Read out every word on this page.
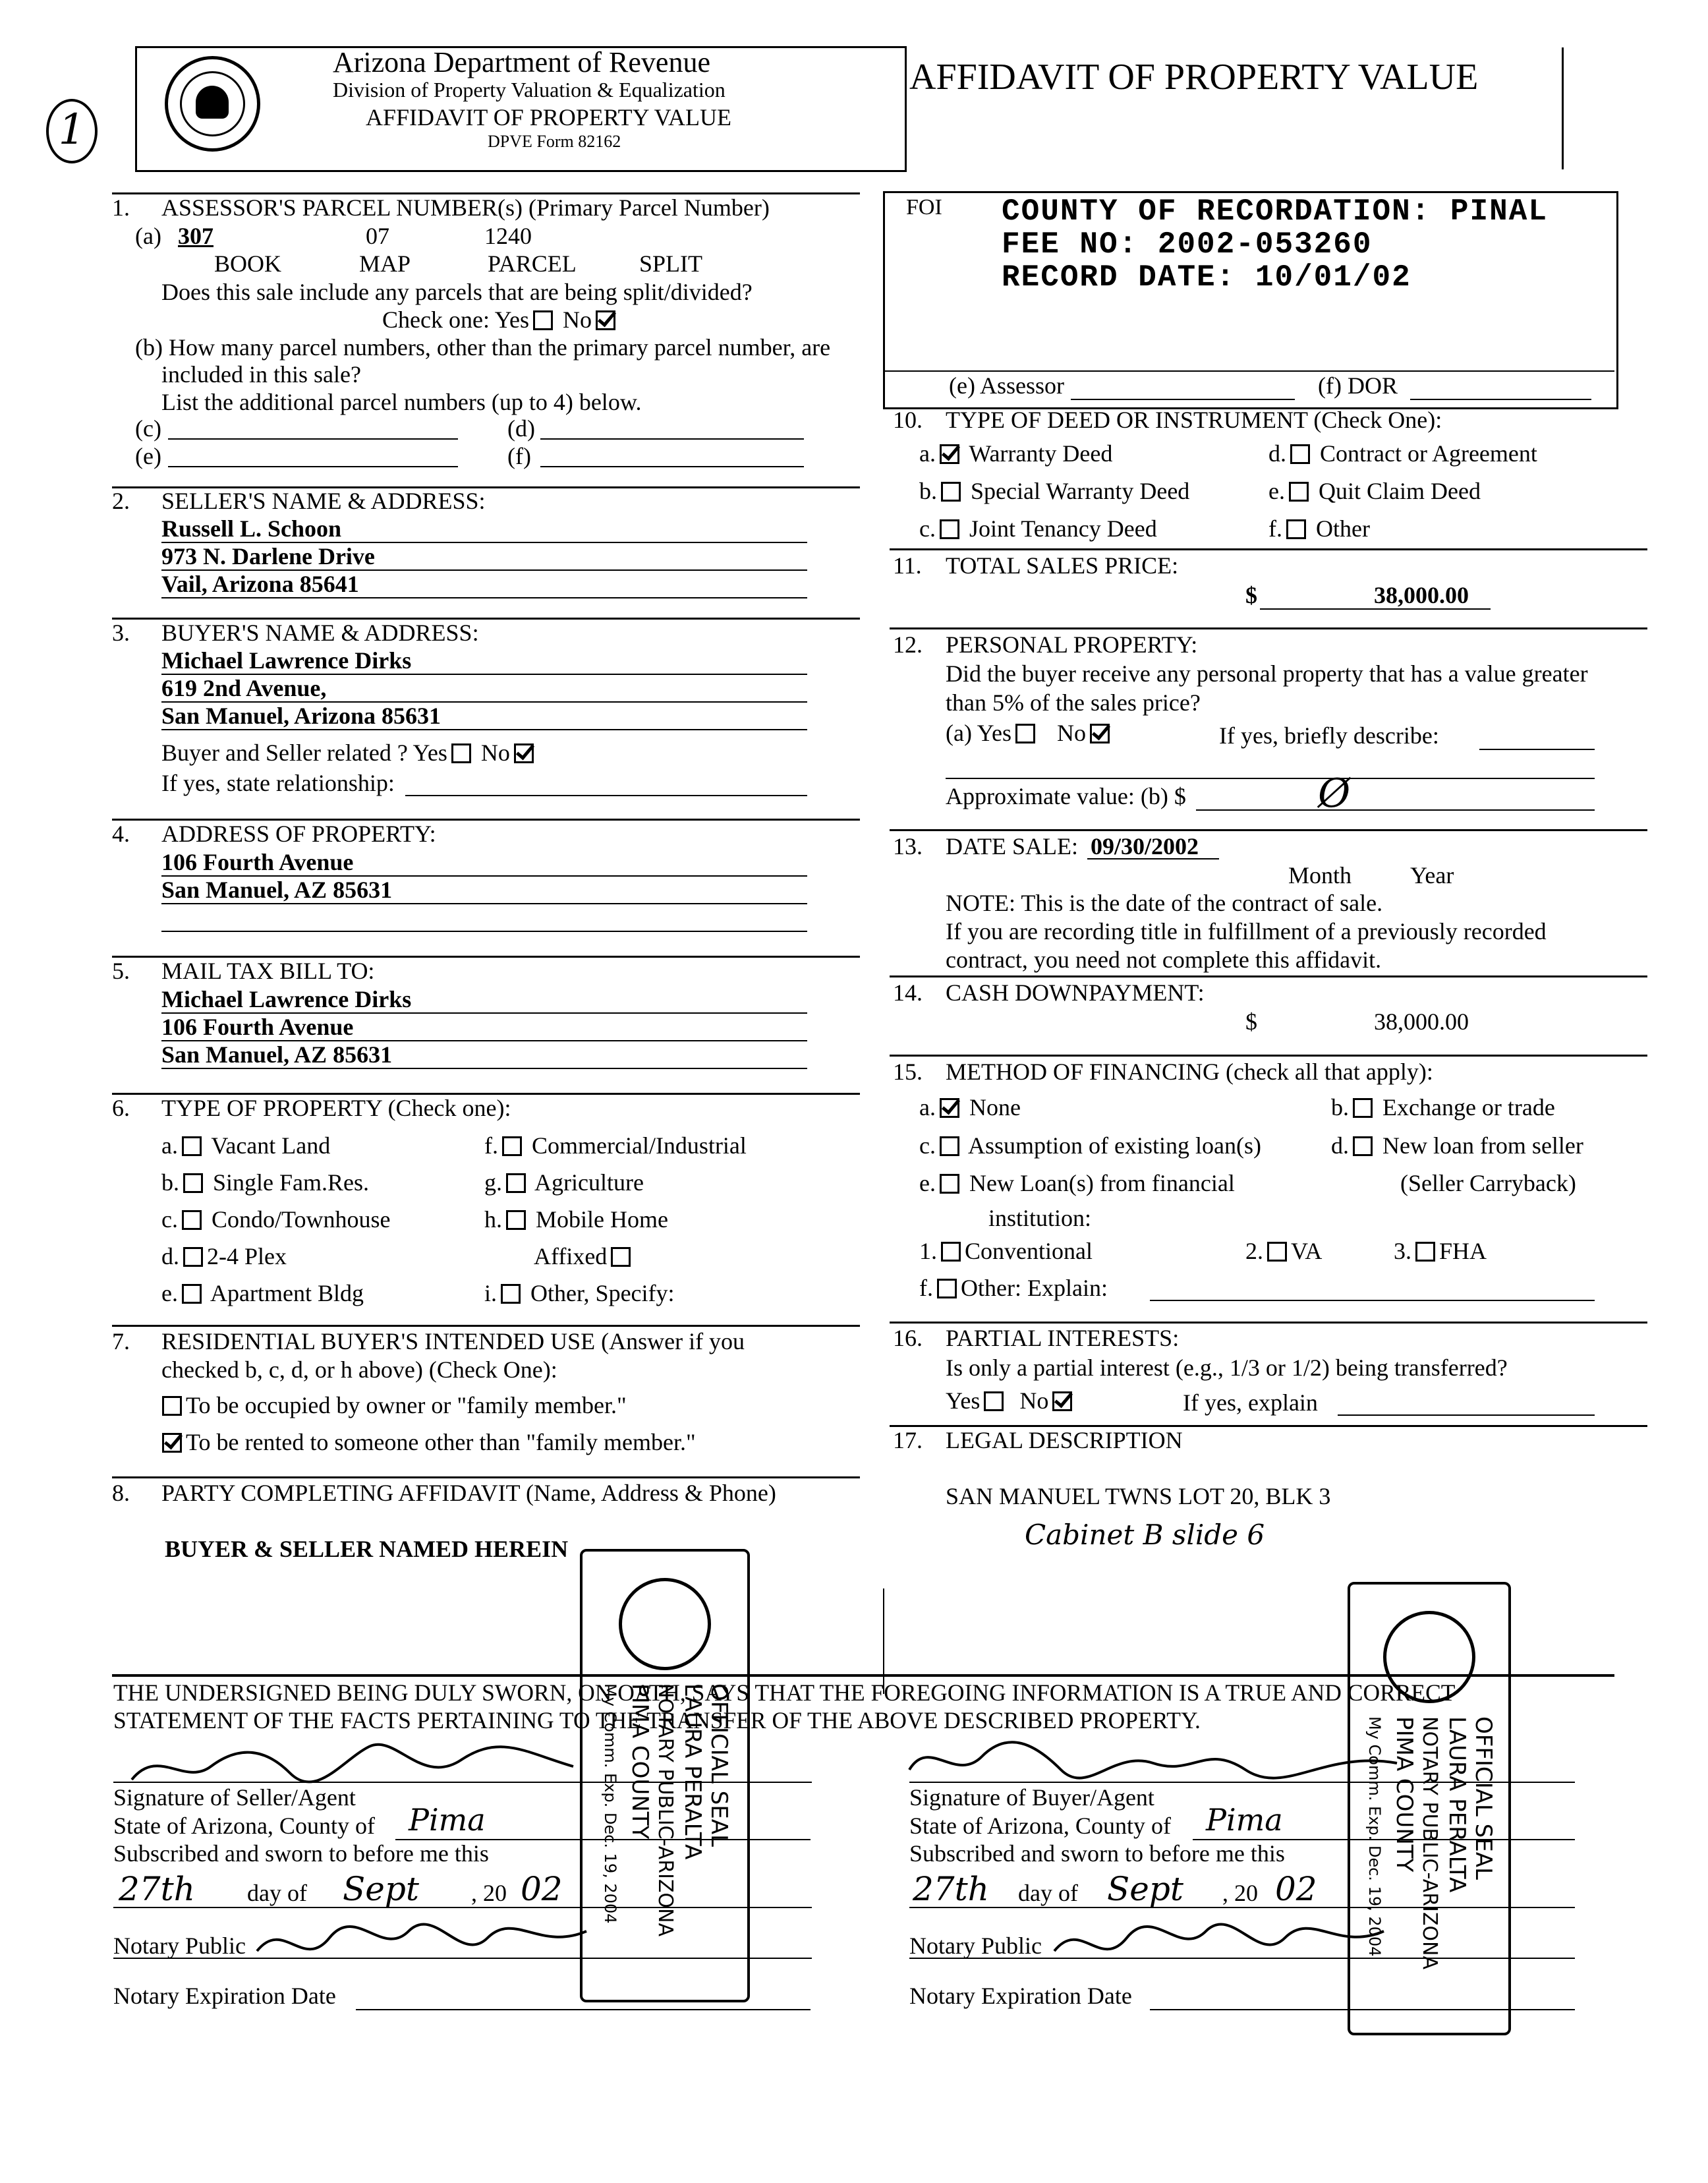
1
Arizona Department of Revenue
Division of Property Valuation & Equalization
AFFIDAVIT OF PROPERTY VALUE
DPVE Form 82162
AFFIDAVIT OF PROPERTY VALUE
FOI COUNTY OF RECORDATION: PINAL
FEE NO: 2002-053260
RECORD DATE: 10/01/02
(e) Assessor	(f) DOR
1. ASSESSOR'S PARCEL NUMBER(s) (Primary Parcel Number)
(a) 307	07	1240
BOOK	MAP	PARCEL	SPLIT
Does this sale include any parcels that are being split/divided?
Check one: Yes No
(b) How many parcel numbers, other than the primary parcel number, are
included in this sale?
List the additional parcel numbers (up to 4) below.
(c)	(d)
(e)	(f)
2. SELLER'S NAME & ADDRESS:
Russell L. Schoon
973 N. Darlene Drive
Vail, Arizona 85641
3. BUYER'S NAME & ADDRESS:
Michael Lawrence Dirks
619 2nd Avenue,
San Manuel, Arizona 85631
Buyer and Seller related ? Yes No
If yes, state relationship:
4. ADDRESS OF PROPERTY:
106 Fourth Avenue
San Manuel, AZ 85631
5. MAIL TAX BILL TO:
Michael Lawrence Dirks
106 Fourth Avenue
San Manuel, AZ 85631
6. TYPE OF PROPERTY (Check one):
a. Vacant Land
b. Single Fam.Res.
c. Condo/Townhouse
d. 2-4 Plex
e. Apartment Bldg
f. Commercial/Industrial
g. Agriculture
h. Mobile Home
Affixed
i. Other, Specify:
7. RESIDENTIAL BUYER'S INTENDED USE (Answer if you
checked b, c, d, or h above) (Check One):
To be occupied by owner or "family member."
To be rented to someone other than "family member."
8. PARTY COMPLETING AFFIDAVIT (Name, Address & Phone)
BUYER & SELLER NAMED HEREIN
10. TYPE OF DEED OR INSTRUMENT (Check One):
a. Warranty Deed
b. Special Warranty Deed
c. Joint Tenancy Deed
d. Contract or Agreement
e. Quit Claim Deed
f. Other
11. TOTAL SALES PRICE:
$	38,000.00
12. PERSONAL PROPERTY:
Did the buyer receive any personal property that has a value greater
than 5% of the sales price?
(a) Yes No	If yes, briefly describe:
Approximate value: (b) $	Ø
13. DATE SALE: 09/30/2002
Month Year
NOTE: This is the date of the contract of sale.
If you are recording title in fulfillment of a previously recorded
contract, you need not complete this affidavit.
14. CASH DOWNPAYMENT:
$	38,000.00
15. METHOD OF FINANCING (check all that apply):
a. None	b. Exchange or trade
c. Assumption of existing loan(s)	d. New loan from seller
(Seller Carryback)
e. New Loan(s) from financial
institution:
1. Conventional	2. VA	3. FHA
f. Other: Explain:
16. PARTIAL INTERESTS:
Is only a partial interest (e.g., 1/3 or 1/2) being transferred?
Yes No	If yes, explain
17. LEGAL DESCRIPTION
SAN MANUEL TWNS LOT 20, BLK 3
Cabinet B slide 6
THE UNDERSIGNED BEING DULY SWORN, ON OATH, SAYS THAT THE FOREGOING INFORMATION IS A TRUE AND CORRECT
STATEMENT OF THE FACTS PERTAINING TO THE TRANSFER OF THE ABOVE DESCRIBED PROPERTY.
Signature of Seller/Agent
State of Arizona, County of Pima
Subscribed and sworn to before me this
27th day of Sept , 20 02
Notary Public
Notary Expiration Date
Signature of Buyer/Agent
State of Arizona, County of Pima
Subscribed and sworn to before me this
27th day of Sept , 20 02
Notary Public
Notary Expiration Date
OFFICIAL SEAL
LAURA PERALTA
NOTARY PUBLIC-ARIZONA
PIMA COUNTY
My Comm. Exp. Dec. 19, 2004	OFFICIAL SEAL
LAURA PERALTA
NOTARY PUBLIC-ARIZONA
PIMA COUNTY
My Comm. Exp. Dec. 19, 2004
